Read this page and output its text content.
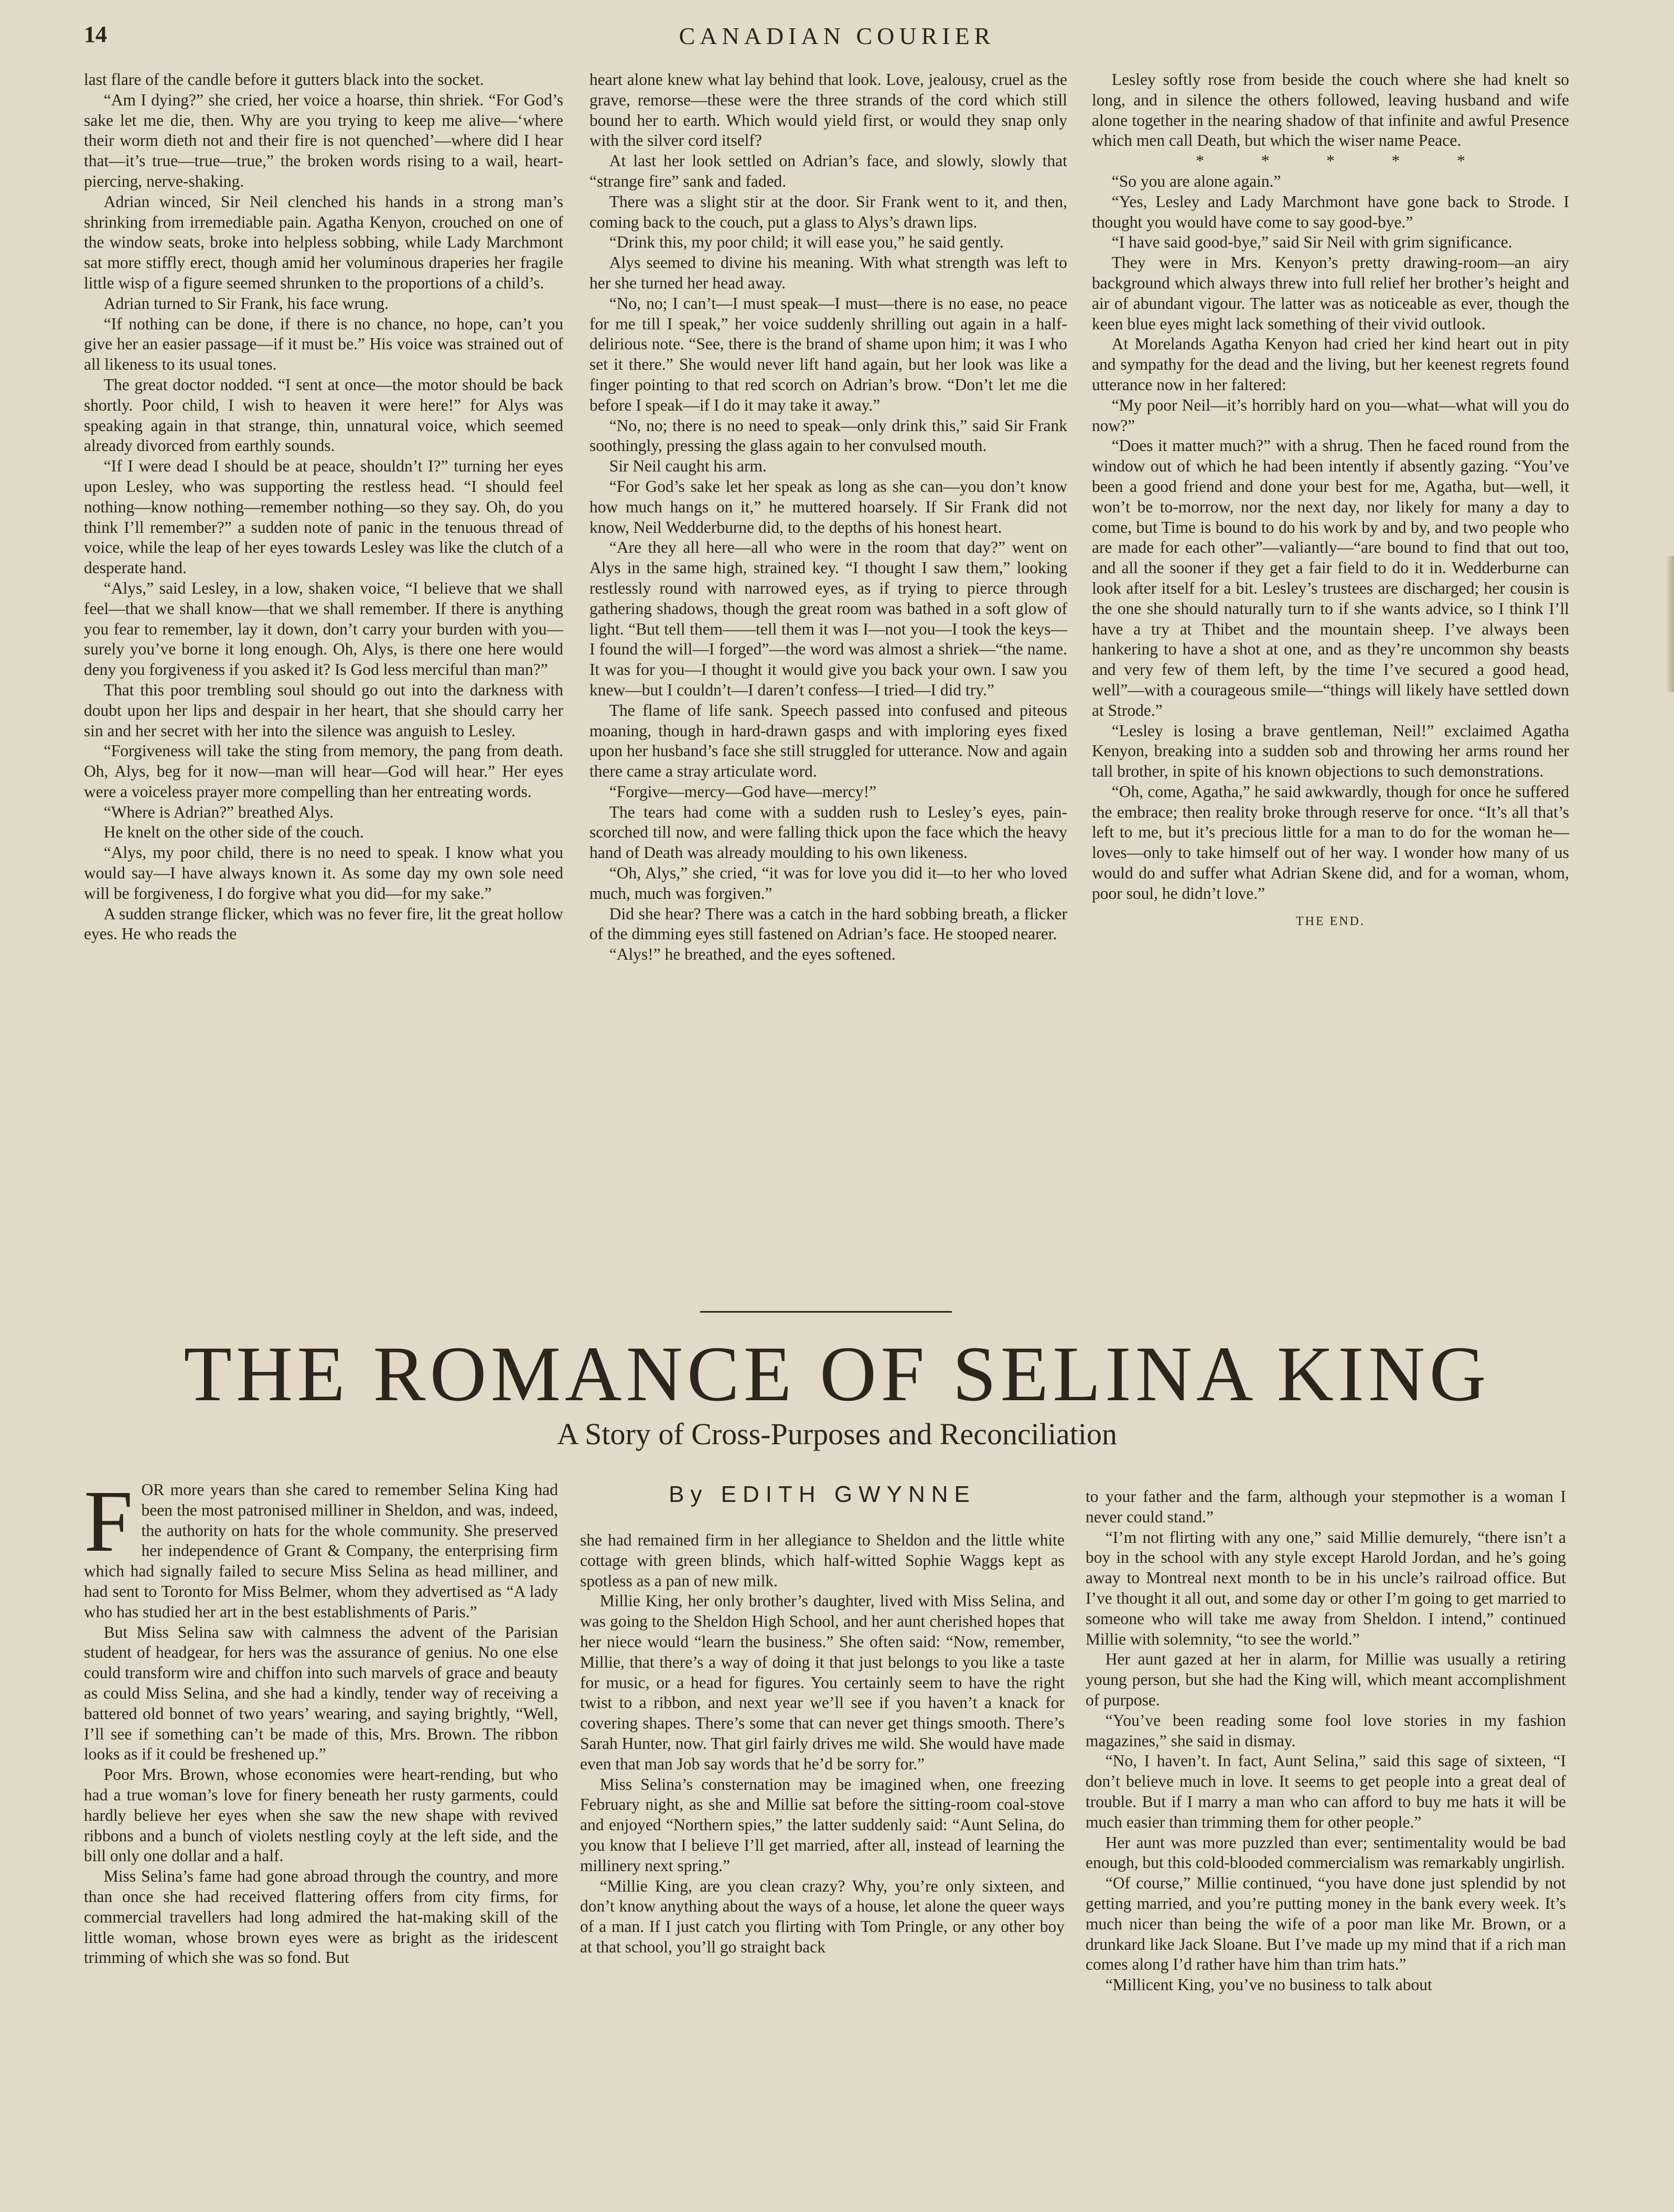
14	CANADIAN COURIER

last flare of the candle before it gutters black into the socket.

“Am I dying?” she cried, her voice a hoarse, thin shriek. “For God’s sake let me die, then. Why are you trying to keep me alive—‘where their worm dieth not and their fire is not quenched’—where did I hear that—it’s true—true—true,” the broken words rising to a wail, heart-piercing, nerve-shaking.

Adrian winced, Sir Neil clenched his hands in a strong man’s shrinking from irremediable pain. Agatha Kenyon, crouched on one of the window seats, broke into helpless sobbing, while Lady Marchmont sat more stiffly erect, though amid her voluminous draperies her fragile little wisp of a figure seemed shrunken to the proportions of a child’s.

Adrian turned to Sir Frank, his face wrung.

“If nothing can be done, if there is no chance, no hope, can’t you give her an easier passage—if it must be.” His voice was strained out of all likeness to its usual tones.

The great doctor nodded. “I sent at once—the motor should be back shortly. Poor child, I wish to heaven it were here!” for Alys was speaking again in that strange, thin, unnatural voice, which seemed already divorced from earthly sounds.

“If I were dead I should be at peace, shouldn’t I?” turning her eyes upon Lesley, who was supporting the restless head. “I should feel nothing—know nothing—remember nothing—so they say. Oh, do you think I’ll remember?” a sudden note of panic in the tenuous thread of voice, while the leap of her eyes towards Lesley was like the clutch of a desperate hand.

“Alys,” said Lesley, in a low, shaken voice, “I believe that we shall feel—that we shall know—that we shall remember. If there is anything you fear to remember, lay it down, don’t carry your burden with you—surely you’ve borne it long enough. Oh, Alys, is there one here would deny you forgiveness if you asked it? Is God less merciful than man?”

That this poor trembling soul should go out into the darkness with doubt upon her lips and despair in her heart, that she should carry her sin and her secret with her into the silence was anguish to Lesley.

“Forgiveness will take the sting from memory, the pang from death. Oh, Alys, beg for it now—man will hear—God will hear.” Her eyes were a voiceless prayer more compelling than her entreating words.

“Where is Adrian?” breathed Alys.

He knelt on the other side of the couch.

“Alys, my poor child, there is no need to speak. I know what you would say—I have always known it. As some day my own sole need will be forgiveness, I do forgive what you did—for my sake.”

A sudden strange flicker, which was no fever fire, lit the great hollow eyes. He who reads the

heart alone knew what lay behind that look. Love, jealousy, cruel as the grave, remorse—these were the three strands of the cord which still bound her to earth. Which would yield first, or would they snap only with the silver cord itself?

At last her look settled on Adrian’s face, and slowly, slowly that “strange fire” sank and faded.

There was a slight stir at the door. Sir Frank went to it, and then, coming back to the couch, put a glass to Alys’s drawn lips.

“Drink this, my poor child; it will ease you,” he said gently.

Alys seemed to divine his meaning. With what strength was left to her she turned her head away.

“No, no; I can’t—I must speak—I must—there is no ease, no peace for me till I speak,” her voice suddenly shrilling out again in a half-delirious note. “See, there is the brand of shame upon him; it was I who set it there.” She would never lift hand again, but her look was like a finger pointing to that red scorch on Adrian’s brow. “Don’t let me die before I speak—if I do it may take it away.”

“No, no; there is no need to speak—only drink this,” said Sir Frank soothingly, pressing the glass again to her convulsed mouth.

Sir Neil caught his arm.

“For God’s sake let her speak as long as she can—you don’t know how much hangs on it,” he muttered hoarsely. If Sir Frank did not know, Neil Wedderburne did, to the depths of his honest heart.

“Are they all here—all who were in the room that day?” went on Alys in the same high, strained key. “I thought I saw them,” looking restlessly round with narrowed eyes, as if trying to pierce through gathering shadows, though the great room was bathed in a soft glow of light. “But tell them——tell them it was I—not you—I took the keys—I found the will—I forged”—the word was almost a shriek—“the name. It was for you—I thought it would give you back your own. I saw you knew—but I couldn’t—I daren’t confess—I tried—I did try.”

The flame of life sank. Speech passed into confused and piteous moaning, though in hard-drawn gasps and with imploring eyes fixed upon her husband’s face she still struggled for utterance. Now and again there came a stray articulate word.

“Forgive—mercy—God have—mercy!”

The tears had come with a sudden rush to Lesley’s eyes, pain-scorched till now, and were falling thick upon the face which the heavy hand of Death was already moulding to his own likeness.

“Oh, Alys,” she cried, “it was for love you did it—to her who loved much, much was forgiven.”

Did she hear? There was a catch in the hard sobbing breath, a flicker of the dimming eyes still fastened on Adrian’s face. He stooped nearer.

“Alys!” he breathed, and the eyes softened.

Lesley softly rose from beside the couch where she had knelt so long, and in silence the others followed, leaving husband and wife alone together in the nearing shadow of that infinite and awful Presence which men call Death, but which the wiser name Peace.

* * * * *

“So you are alone again.”

“Yes, Lesley and Lady Marchmont have gone back to Strode. I thought you would have come to say good-bye.”

“I have said good-bye,” said Sir Neil with grim significance.

They were in Mrs. Kenyon’s pretty drawing-room—an airy background which always threw into full relief her brother’s height and air of abundant vigour. The latter was as noticeable as ever, though the keen blue eyes might lack something of their vivid outlook.

At Morelands Agatha Kenyon had cried her kind heart out in pity and sympathy for the dead and the living, but her keenest regrets found utterance now in her faltered:

“My poor Neil—it’s horribly hard on you—what—what will you do now?”

“Does it matter much?” with a shrug. Then he faced round from the window out of which he had been intently if absently gazing. “You’ve been a good friend and done your best for me, Agatha, but—well, it won’t be to-morrow, nor the next day, nor likely for many a day to come, but Time is bound to do his work by and by, and two people who are made for each other”—valiantly—“are bound to find that out too, and all the sooner if they get a fair field to do it in. Wedderburne can look after itself for a bit. Lesley’s trustees are discharged; her cousin is the one she should naturally turn to if she wants advice, so I think I’ll have a try at Thibet and the mountain sheep. I’ve always been hankering to have a shot at one, and as they’re uncommon shy beasts and very few of them left, by the time I’ve secured a good head, well”—with a courageous smile—“things will likely have settled down at Strode.”

“Lesley is losing a brave gentleman, Neil!” exclaimed Agatha Kenyon, breaking into a sudden sob and throwing her arms round her tall brother, in spite of his known objections to such demonstrations.

“Oh, come, Agatha,” he said awkwardly, though for once he suffered the embrace; then reality broke through reserve for once. “It’s all that’s left to me, but it’s precious little for a man to do for the woman he—loves—only to take himself out of her way. I wonder how many of us would do and suffer what Adrian Skene did, and for a woman, whom, poor soul, he didn’t love.”

THE END.

THE ROMANCE OF SELINA KING
A Story of Cross-Purposes and Reconciliation

FOR more years than she cared to remember Selina King had been the most patronised milliner in Sheldon, and was, indeed, the authority on hats for the whole community. She preserved her independence of Grant & Company, the enterprising firm which had signally failed to secure Miss Selina as head milliner, and had sent to Toronto for Miss Belmer, whom they advertised as “A lady who has studied her art in the best establishments of Paris.”

But Miss Selina saw with calmness the advent of the Parisian student of headgear, for hers was the assurance of genius. No one else could transform wire and chiffon into such marvels of grace and beauty as could Miss Selina, and she had a kindly, tender way of receiving a battered old bonnet of two years’ wearing, and saying brightly, “Well, I’ll see if something can’t be made of this, Mrs. Brown. The ribbon looks as if it could be freshened up.”

Poor Mrs. Brown, whose economies were heart-rending, but who had a true woman’s love for finery beneath her rusty garments, could hardly believe her eyes when she saw the new shape with revived ribbons and a bunch of violets nestling coyly at the left side, and the bill only one dollar and a half.

Miss Selina’s fame had gone abroad through the country, and more than once she had received flattering offers from city firms, for commercial travellers had long admired the hat-making skill of the little woman, whose brown eyes were as bright as the iridescent trimming of which she was so fond. But

By EDITH GWYNNE

she had remained firm in her allegiance to Sheldon and the little white cottage with green blinds, which half-witted Sophie Waggs kept as spotless as a pan of new milk.

Millie King, her only brother’s daughter, lived with Miss Selina, and was going to the Sheldon High School, and her aunt cherished hopes that her niece would “learn the business.” She often said: “Now, remember, Millie, that there’s a way of doing it that just belongs to you like a taste for music, or a head for figures. You certainly seem to have the right twist to a ribbon, and next year we’ll see if you haven’t a knack for covering shapes. There’s some that can never get things smooth. There’s Sarah Hunter, now. That girl fairly drives me wild. She would have made even that man Job say words that he’d be sorry for.”

Miss Selina’s consternation may be imagined when, one freezing February night, as she and Millie sat before the sitting-room coal-stove and enjoyed “Northern spies,” the latter suddenly said: “Aunt Selina, do you know that I believe I’ll get married, after all, instead of learning the millinery next spring.”

“Millie King, are you clean crazy? Why, you’re only sixteen, and don’t know anything about the ways of a house, let alone the queer ways of a man. If I just catch you flirting with Tom Pringle, or any other boy at that school, you’ll go straight back

to your father and the farm, although your stepmother is a woman I never could stand.”

“I’m not flirting with any one,” said Millie demurely, “there isn’t a boy in the school with any style except Harold Jordan, and he’s going away to Montreal next month to be in his uncle’s railroad office. But I’ve thought it all out, and some day or other I’m going to get married to someone who will take me away from Sheldon. I intend,” continued Millie with solemnity, “to see the world.”

Her aunt gazed at her in alarm, for Millie was usually a retiring young person, but she had the King will, which meant accomplishment of purpose.

“You’ve been reading some fool love stories in my fashion magazines,” she said in dismay.

“No, I haven’t. In fact, Aunt Selina,” said this sage of sixteen, “I don’t believe much in love. It seems to get people into a great deal of trouble. But if I marry a man who can afford to buy me hats it will be much easier than trimming them for other people.”

Her aunt was more puzzled than ever; sentimentality would be bad enough, but this cold-blooded commercialism was remarkably ungirlish.

“Of course,” Millie continued, “you have done just splendid by not getting married, and you’re putting money in the bank every week. It’s much nicer than being the wife of a poor man like Mr. Brown, or a drunkard like Jack Sloane. But I’ve made up my mind that if a rich man comes along I’d rather have him than trim hats.”

“Millicent King, you’ve no business to talk about
